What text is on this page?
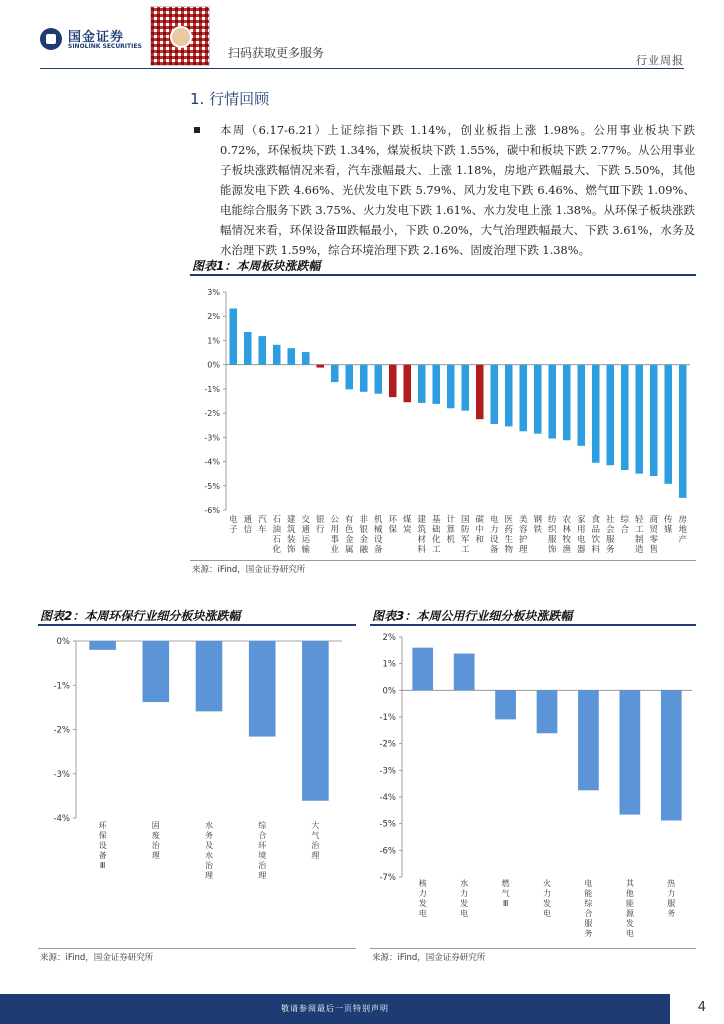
国金证券
SINOLINK SECURITIES	扫码获取更多服务
行业周报
1. 行情回顾
本周（6.17-6.21）上证综指下跌 1.14%，创业板指上涨 1.98%。公用事业板块下跌 0.72%，环保板块下跌 1.34%，煤炭板块下跌 1.55%，碳中和板块下跌 2.77%。从公用事业子板块涨跌幅情况来看，汽车涨幅最大、上涨 1.18%，房地产跌幅最大、下跌 5.50%，其他能源发电下跌 4.66%、光伏发电下跌 5.79%、风力发电下跌 6.46%、燃气Ⅲ下跌 1.09%、电能综合服务下跌 3.75%、火力发电下跌 1.61%、水力发电上涨 1.38%。从环保子板块涨跌幅情况来看，环保设备Ⅲ跌幅最小，下跌 0.20%，大气治理跌幅最大、下跌 3.61%，水务及水治理下跌 1.59%，综合环境治理下跌 2.16%、固废治理下跌 1.38%。
图表1：本周板块涨跌幅
3%
2%
1%
0%
-1%
-2%
-3%
-4%
-5%
-6%
电
子
通
信
汽
车
石
油
石
化
建
筑
装
饰
交
通
运
输
银
行
公
用
事
业
有
色
金
属
非
银
金
融
机
械
设
备
环
保
煤
炭
建
筑
材
料
基
础
化
工
计
算
机
国
防
军
工
碳
中
和
电
力
设
备
医
药
生
物
美
容
护
理
钢
铁
纺
织
服
饰
农
林
牧
渔
家
用
电
器
食
品
饮
料
社
会
服
务
综
合
轻
工
制
造
商
贸
零
售
传
媒
房
地
产
0%
-1%
-2%
-3%
-4%
环
保
设
备
Ⅲ
固
废
治
理
水
务
及
水
治
理
综
合
环
境
治
理
大
气
治
理
2%
1%
0%
-1%
-2%
-3%
-4%
-5%
-6%
-7%
核
力
发
电
水
力
发
电
燃
气
Ⅲ
火
力
发
电
电
能
综
合
服
务
其
他
能
源
发
电
热
力
服
务
来源：iFind，国金证券研究所
图表2：本周环保行业细分板块涨跌幅
来源：iFind，国金证券研究所
图表3：本周公用行业细分板块涨跌幅
来源：iFind，国金证券研究所
敬请参阅最后一页特别声明	4
